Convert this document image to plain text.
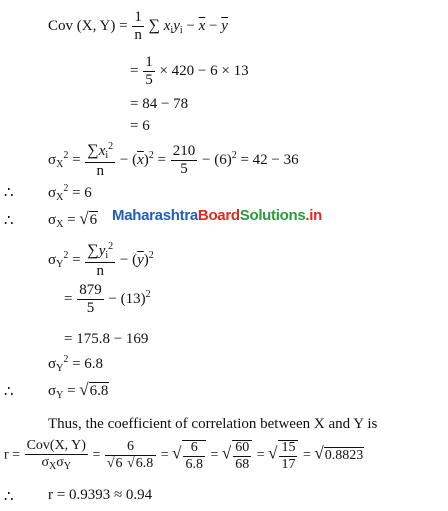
Cov (X, $Y) = \frac{1}{n}$ ∑ $x_iy_i - \overline{x} - \overline{y}$
= $\frac{1}{5} \times 420 - 6 \times 13$
= 84 − 78
= 6
$\sigma_X^2 = \frac{\sum x_i^2}{n} - (\overline{x})^2 = \frac{210}{5} - (6)^2 = 42 - 36$
∴ $\sigma_X^2 = 6$
∴ $\sigma_X = √6$ MaharashtraBoardSolutions.in
$\sigma_Y^2 = \frac{\sum y_i^2}{n} - (\overline{y})^2$
= $\frac{879}{5} - (13)^2$
= 175.8 − 169
$\sigma_Y^2 = 6.8$
∴ $\sigma_Y = √6.8$
Thus, the coefficient of correlation between X and Y is
$r = \frac{\text{Cov(X, Y)}}{\sigma_X\sigma_Y} = \frac{6}{√6 √6.8}$ = √ $\frac{6}{6.8}$ = √ $\frac{60}{68}$ = √ $\frac{15}{17} = √0.8823$
∴ r = 0.9393 ≈ 0.94
